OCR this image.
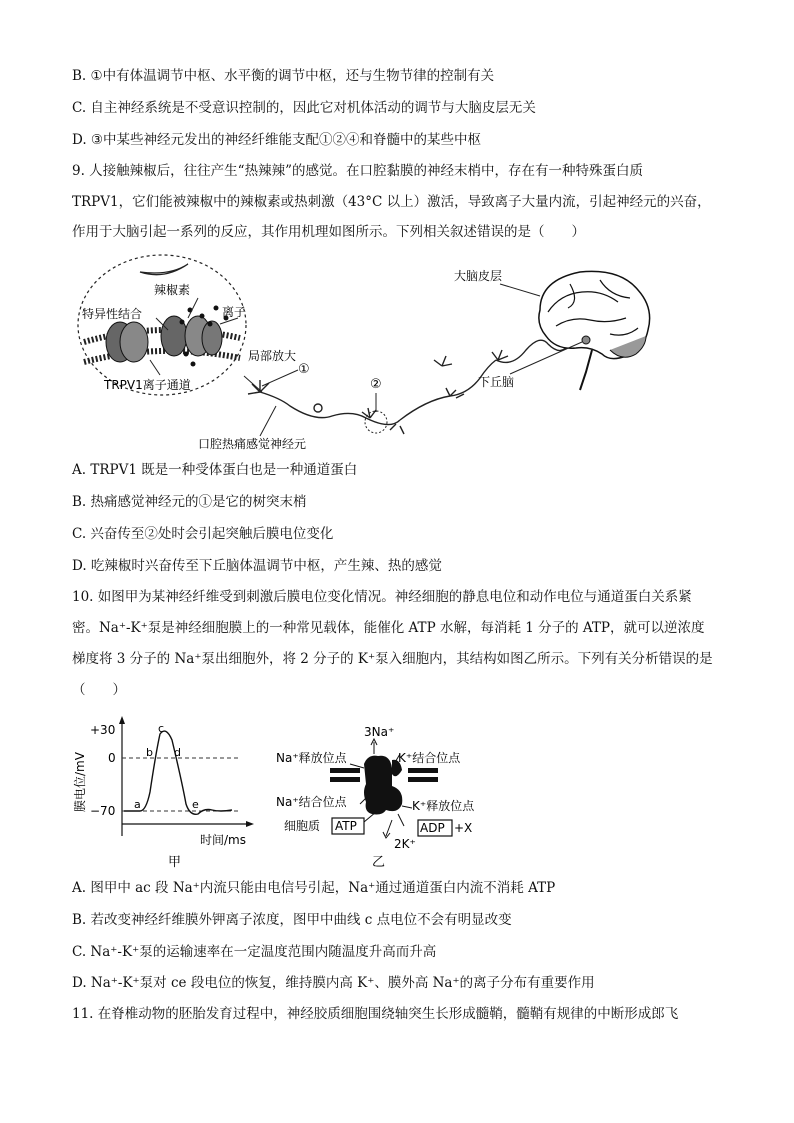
B. ①中有体温调节中枢、水平衡的调节中枢，还与生物节律的控制有关
C. 自主神经系统是不受意识控制的，因此它对机体活动的调节与大脑皮层无关
D. ③中某些神经元发出的神经纤维能支配①②④和脊髓中的某些中枢
9. 人接触辣椒后，往往产生“热辣辣”的感觉。在口腔黏膜的神经末梢中，存在有一种特殊蛋白质
TRPV1，它们能被辣椒中的辣椒素或热刺激（43°C 以上）激活，导致离子大量内流，引起神经元的兴奋，
作用于大脑引起一系列的反应，其作用机理如图所示。下列相关叙述错误的是（　　）
辣椒素
特异性结合	离子
TRPV1离子通道
局部放大
①
②
口腔热痛感觉神经元
大脑皮层
下丘脑
A. TRPV1 既是一种受体蛋白也是一种通道蛋白
B. 热痛感觉神经元的①是它的树突末梢
C. 兴奋传至②处时会引起突触后膜电位变化
D. 吃辣椒时兴奋传至下丘脑体温调节中枢，产生辣、热的感觉
10. 如图甲为某神经纤维受到刺激后膜电位变化情况。神经细胞的静息电位和动作电位与通道蛋白关系紧
密。Na⁺-K⁺泵是神经细胞膜上的一种常见载体，能催化 ATP 水解，每消耗 1 分子的 ATP，就可以逆浓度
梯度将 3 分子的 Na⁺泵出细胞外，将 2 分子的 K⁺泵入细胞内，其结构如图乙所示。下列有关分析错误的是
（　　）
+30
0
−70
膜电位/mV
时间/ms
a
b
c
d
e
甲
3Na⁺
Na⁺释放位点	K⁺结合位点
Na⁺结合位点	K⁺释放位点
细胞质 ATP	ADP +X
2K⁺
乙
A. 图甲中 ac 段 Na⁺内流只能由电信号引起，Na⁺通过通道蛋白内流不消耗 ATP
B. 若改变神经纤维膜外钾离子浓度，图甲中曲线 c 点电位不会有明显改变
C. Na⁺-K⁺泵的运输速率在一定温度范围内随温度升高而升高
D. Na⁺-K⁺泵对 ce 段电位的恢复，维持膜内高 K⁺、膜外高 Na⁺的离子分布有重要作用
11. 在脊椎动物的胚胎发育过程中，神经胶质细胞围绕轴突生长形成髓鞘，髓鞘有规律的中断形成郎飞
